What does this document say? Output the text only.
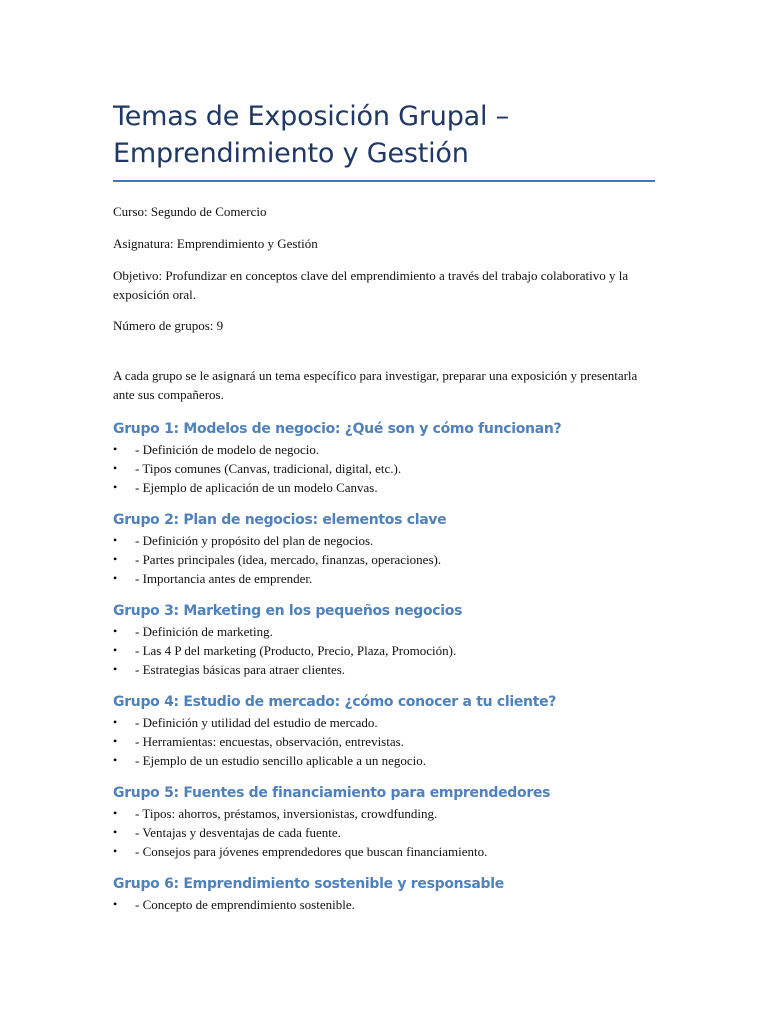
Temas de Exposición Grupal –
Emprendimiento y Gestión

Curso: Segundo de Comercio

Asignatura: Emprendimiento y Gestión

Objetivo: Profundizar en conceptos clave del emprendimiento a través del trabajo colaborativo y la exposición oral.

Número de grupos: 9

A cada grupo se le asignará un tema específico para investigar, preparar una exposición y presentarla ante sus compañeros.

Grupo 1: Modelos de negocio: ¿Qué son y cómo funcionan?
• - Definición de modelo de negocio.
• - Tipos comunes (Canvas, tradicional, digital, etc.).
• - Ejemplo de aplicación de un modelo Canvas.
Grupo 2: Plan de negocios: elementos clave
• - Definición y propósito del plan de negocios.
• - Partes principales (idea, mercado, finanzas, operaciones).
• - Importancia antes de emprender.
Grupo 3: Marketing en los pequeños negocios
• - Definición de marketing.
• - Las 4 P del marketing (Producto, Precio, Plaza, Promoción).
• - Estrategias básicas para atraer clientes.
Grupo 4: Estudio de mercado: ¿cómo conocer a tu cliente?
• - Definición y utilidad del estudio de mercado.
• - Herramientas: encuestas, observación, entrevistas.
• - Ejemplo de un estudio sencillo aplicable a un negocio.
Grupo 5: Fuentes de financiamiento para emprendedores
• - Tipos: ahorros, préstamos, inversionistas, crowdfunding.
• - Ventajas y desventajas de cada fuente.
• - Consejos para jóvenes emprendedores que buscan financiamiento.
Grupo 6: Emprendimiento sostenible y responsable
• - Concepto de emprendimiento sostenible.
